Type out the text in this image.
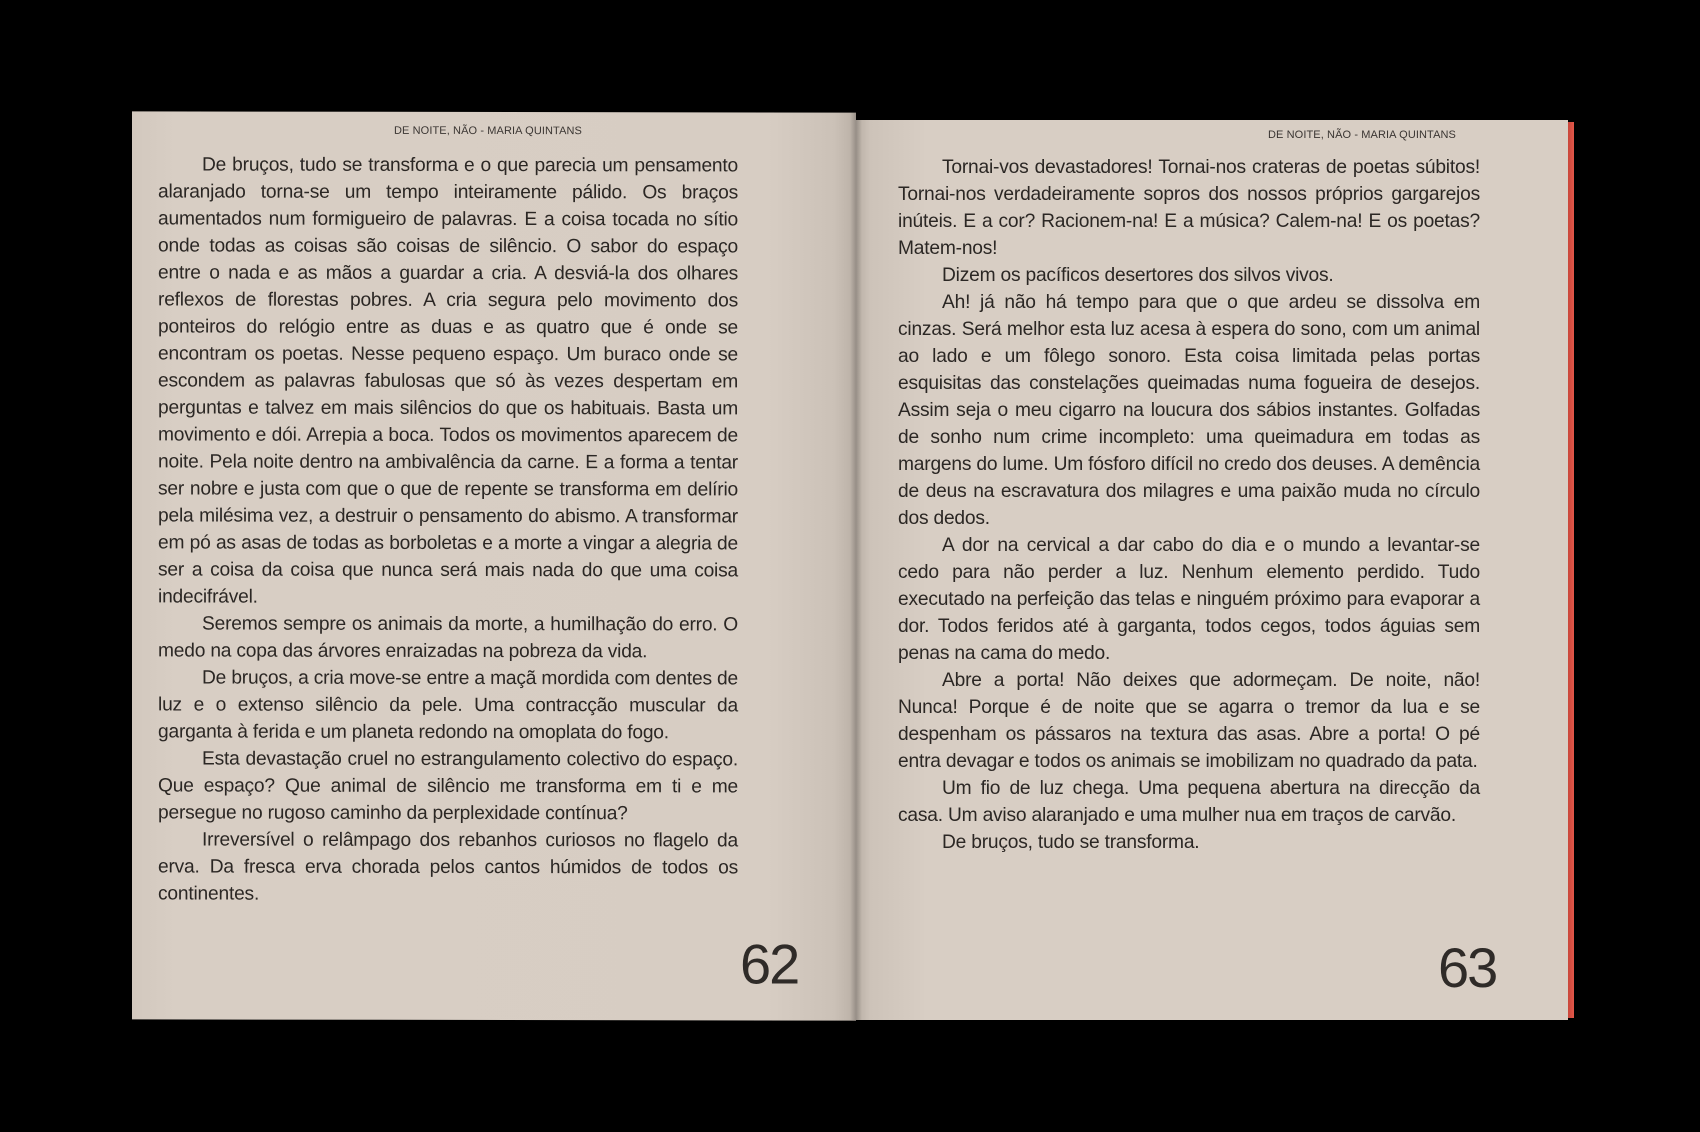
DE NOITE, NÃO - MARIA QUINTANS

De bruços, tudo se transforma e o que parecia um pensamento alaranjado torna-se um tempo inteiramente pálido. Os braços aumentados num formigueiro de palavras. E a coisa tocada no sítio onde todas as coisas são coisas de silêncio. O sabor do espaço entre o nada e as mãos a guardar a cria. A desviá-la dos olhares reflexos de florestas pobres. A cria segura pelo movimento dos ponteiros do relógio entre as duas e as quatro que é onde se encontram os poetas. Nesse pequeno espaço. Um buraco onde se escondem as palavras fabulosas que só às vezes despertam em perguntas e talvez em mais silêncios do que os habituais. Basta um movimento e dói. Arrepia a boca. Todos os movimentos aparecem de noite. Pela noite dentro na ambivalência da carne. E a forma a tentar ser nobre e justa com que o que de repente se transforma em delírio pela milésima vez, a destruir o pensamento do abismo. A transformar em pó as asas de todas as borboletas e a morte a vingar a alegria de ser a coisa da coisa que nunca será mais nada do que uma coisa indecifrável.

Seremos sempre os animais da morte, a humilhação do erro. O medo na copa das árvores enraizadas na pobreza da vida.

De bruços, a cria move-se entre a maçã mordida com dentes de luz e o extenso silêncio da pele. Uma contracção muscular da garganta à ferida e um planeta redondo na omoplata do fogo.

Esta devastação cruel no estrangulamento colectivo do espaço. Que espaço? Que animal de silêncio me transforma em ti e me persegue no rugoso caminho da perplexidade contínua?

Irreversível o relâmpago dos rebanhos curiosos no flagelo da erva. Da fresca erva chorada pelos cantos húmidos de todos os continentes.

62
DE NOITE, NÃO - MARIA QUINTANS

Tornai-vos devastadores! Tornai-nos crateras de poetas súbitos! Tornai-nos verdadeiramente sopros dos nossos próprios gargarejos inúteis. E a cor? Racionem-na! E a música? Calem-na! E os poetas? Matem-nos!

Dizem os pacíficos desertores dos silvos vivos.

Ah! já não há tempo para que o que ardeu se dissolva em cinzas. Será melhor esta luz acesa à espera do sono, com um animal ao lado e um fôlego sonoro. Esta coisa limitada pelas portas esquisitas das constelações queimadas numa fogueira de desejos. Assim seja o meu cigarro na loucura dos sábios instantes. Golfadas de sonho num crime incompleto: uma queimadura em todas as margens do lume. Um fósforo difícil no credo dos deuses. A demência de deus na escravatura dos milagres e uma paixão muda no círculo dos dedos.

A dor na cervical a dar cabo do dia e o mundo a levantar-se cedo para não perder a luz. Nenhum elemento perdido. Tudo executado na perfeição das telas e ninguém próximo para evaporar a dor. Todos feridos até à garganta, todos cegos, todos águias sem penas na cama do medo.

Abre a porta! Não deixes que adormeçam. De noite, não! Nunca! Porque é de noite que se agarra o tremor da lua e se despenham os pássaros na textura das asas. Abre a porta! O pé entra devagar e todos os animais se imobilizam no quadrado da pata.

Um fio de luz chega. Uma pequena abertura na direcção da casa. Um aviso alaranjado e uma mulher nua em traços de carvão.

De bruços, tudo se transforma.

63
